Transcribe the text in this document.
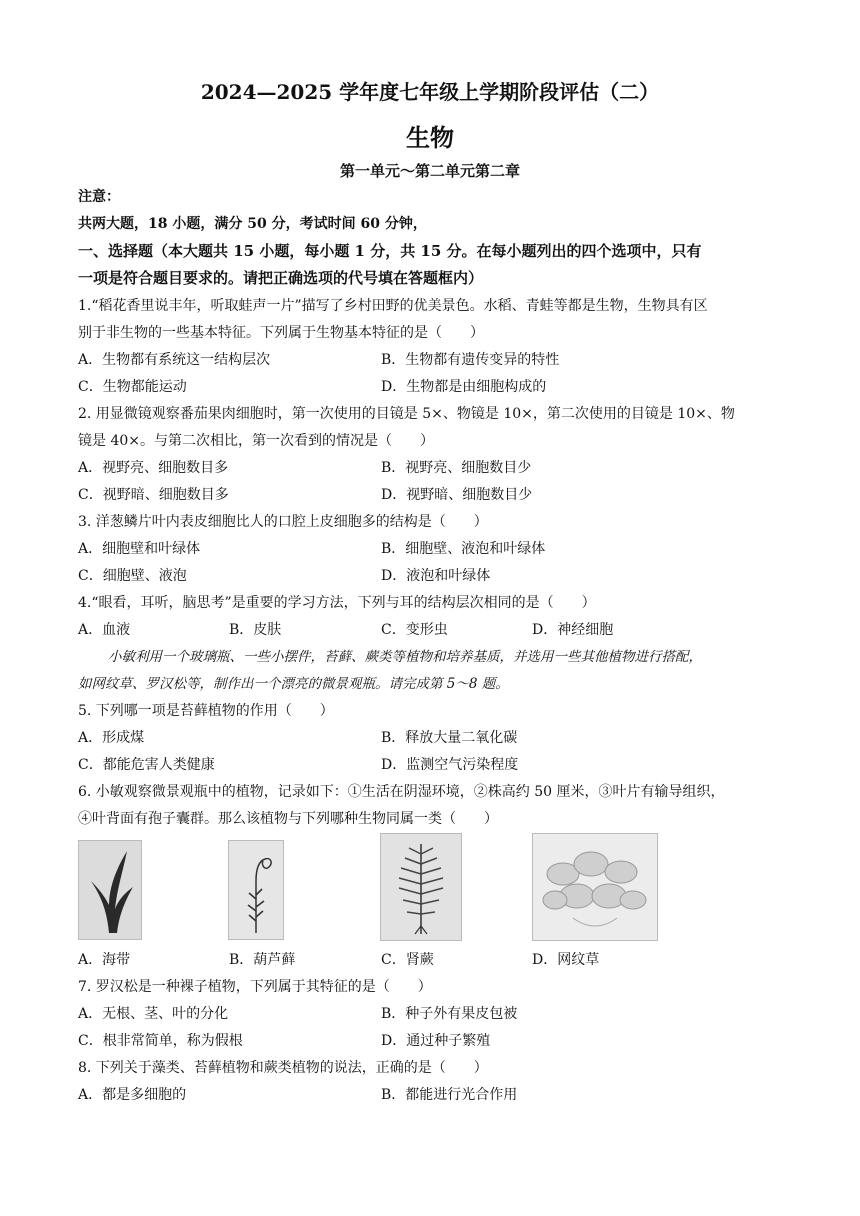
2024—2025 学年度七年级上学期阶段评估（二）
生物
第一单元～第二单元第二章
注意：
共两大题，18 小题，满分 50 分，考试时间 60 分钟，
一、选择题（本大题共 15 小题，每小题 1 分，共 15 分。在每小题列出的四个选项中，只有
一项是符合题目要求的。请把正确选项的代号填在答题框内）
1.“稻花香里说丰年，听取蛙声一片”描写了乡村田野的优美景色。水稻、青蛙等都是生物，生物具有区
别于非生物的一些基本特征。下列属于生物基本特征的是（　　）
A．生物都有系统这一结构层次	B．生物都有遗传变异的特性
C．生物都能运动	D．生物都是由细胞构成的
2. 用显微镜观察番茄果肉细胞时，第一次使用的目镜是 5×、物镜是 10×，第二次使用的目镜是 10×、物
镜是 40×。与第二次相比，第一次看到的情况是（　　）
A．视野亮、细胞数目多	B．视野亮、细胞数目少
C．视野暗、细胞数目多	D．视野暗、细胞数目少
3. 洋葱鳞片叶内表皮细胞比人的口腔上皮细胞多的结构是（　　）
A．细胞壁和叶绿体	B．细胞壁、液泡和叶绿体
C．细胞壁、液泡	D．液泡和叶绿体
4.“眼看，耳听，脑思考”是重要的学习方法，下列与耳的结构层次相同的是（　　）
A．血液	B．皮肤	C．变形虫	D．神经细胞
小敏利用一个玻璃瓶、一些小摆件，苔藓、蕨类等植物和培养基质，并选用一些其他植物进行搭配，
如网纹草、罗汉松等，制作出一个漂亮的微景观瓶。请完成第 5～8 题。
5. 下列哪一项是苔藓植物的作用（　　）
A．形成煤	B．释放大量二氧化碳
C．都能危害人类健康	D．监测空气污染程度
6. 小敏观察微景观瓶中的植物，记录如下：①生活在阴湿环境，②株高约 50 厘米，③叶片有输导组织，
④叶背面有孢子囊群。那么该植物与下列哪种生物同属一类（　　）
A．海带	B．葫芦藓	C．肾蕨	D．网纹草
7. 罗汉松是一种裸子植物，下列属于其特征的是（　　）
A．无根、茎、叶的分化	B．种子外有果皮包被
C．根非常简单，称为假根	D．通过种子繁殖
8. 下列关于藻类、苔藓植物和蕨类植物的说法，正确的是（　　）
A．都是多细胞的	B．都能进行光合作用
